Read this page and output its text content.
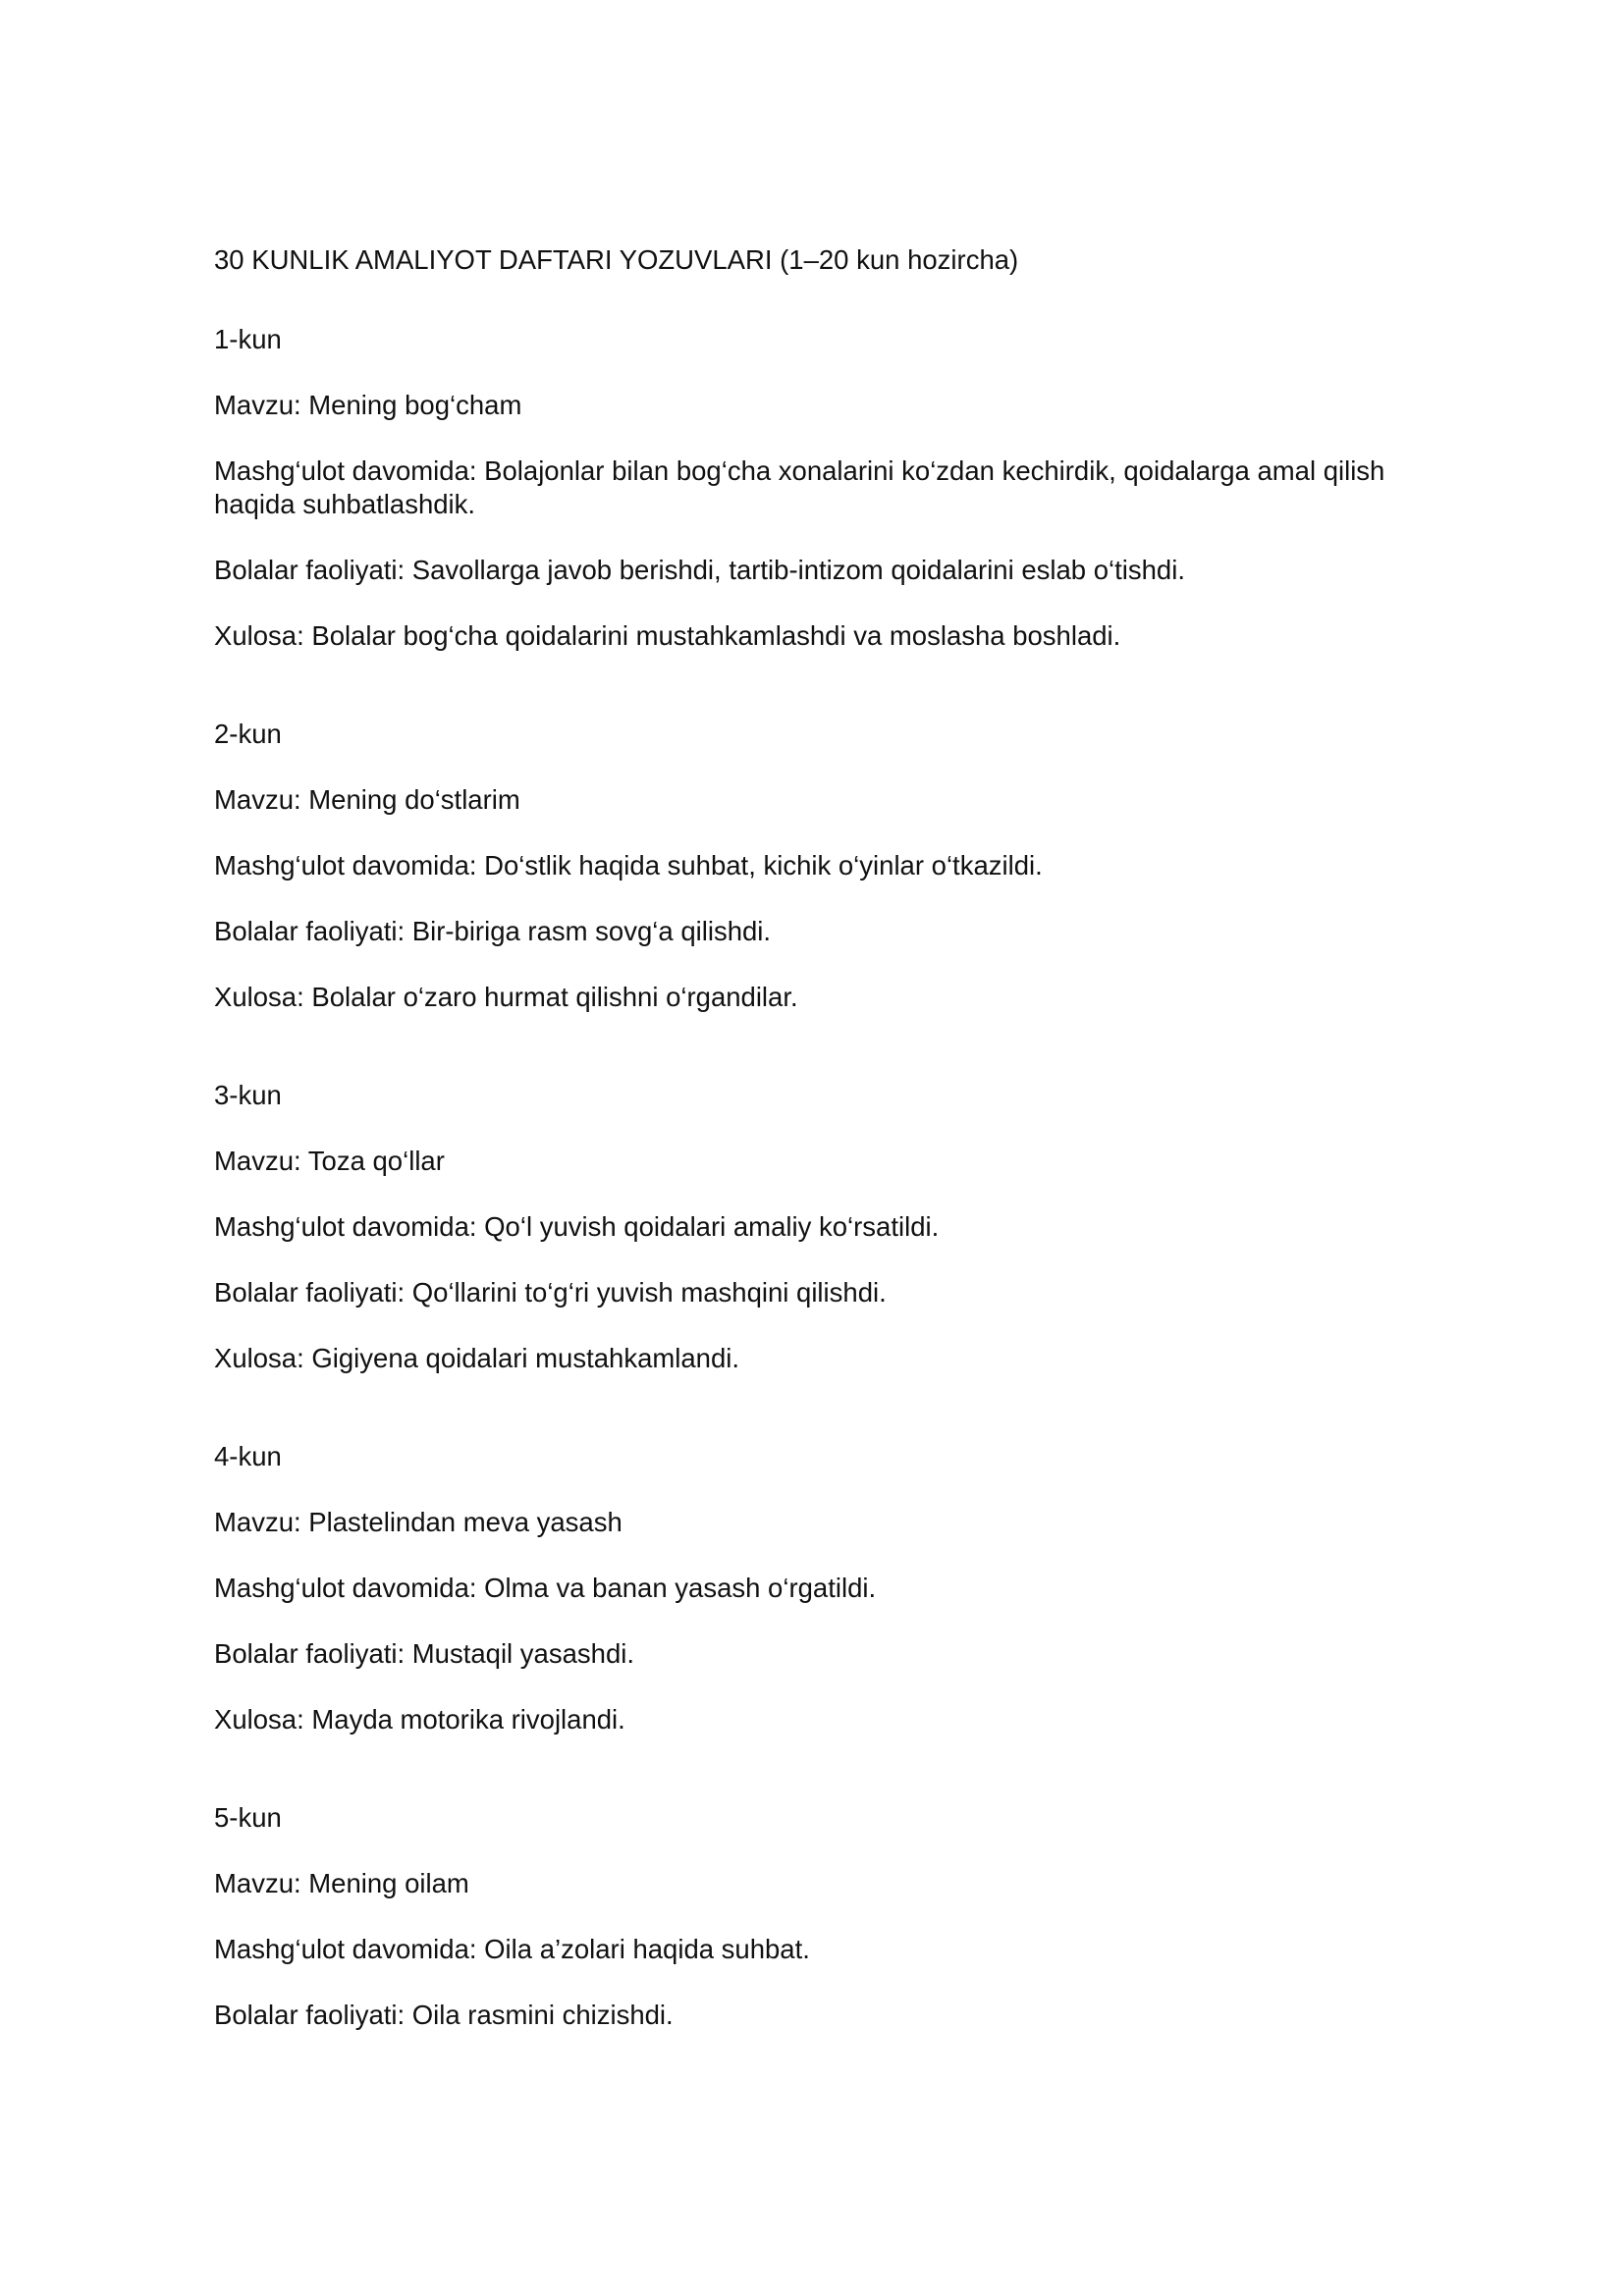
30 KUNLIK AMALIYOT DAFTARI YOZUVLARI (1–20 kun hozircha)
1-kun
Mavzu: Mening bog‘cham
Mashg‘ulot davomida: Bolajonlar bilan bog‘cha xonalarini ko‘zdan kechirdik, qoidalarga amal qilish haqida suhbatlashdik.
Bolalar faoliyati: Savollarga javob berishdi, tartib-intizom qoidalarini eslab o‘tishdi.
Xulosa: Bolalar bog‘cha qoidalarini mustahkamlashdi va moslasha boshladi.
2-kun
Mavzu: Mening do‘stlarim
Mashg‘ulot davomida: Do‘stlik haqida suhbat, kichik o‘yinlar o‘tkazildi.
Bolalar faoliyati: Bir-biriga rasm sovg‘a qilishdi.
Xulosa: Bolalar o‘zaro hurmat qilishni o‘rgandilar.
3-kun
Mavzu: Toza qo‘llar
Mashg‘ulot davomida: Qo‘l yuvish qoidalari amaliy ko‘rsatildi.
Bolalar faoliyati: Qo‘llarini to‘g‘ri yuvish mashqini qilishdi.
Xulosa: Gigiyena qoidalari mustahkamlandi.
4-kun
Mavzu: Plastelindan meva yasash
Mashg‘ulot davomida: Olma va banan yasash o‘rgatildi.
Bolalar faoliyati: Mustaqil yasashdi.
Xulosa: Mayda motorika rivojlandi.
5-kun
Mavzu: Mening oilam
Mashg‘ulot davomida: Oila a’zolari haqida suhbat.
Bolalar faoliyati: Oila rasmini chizishdi.
